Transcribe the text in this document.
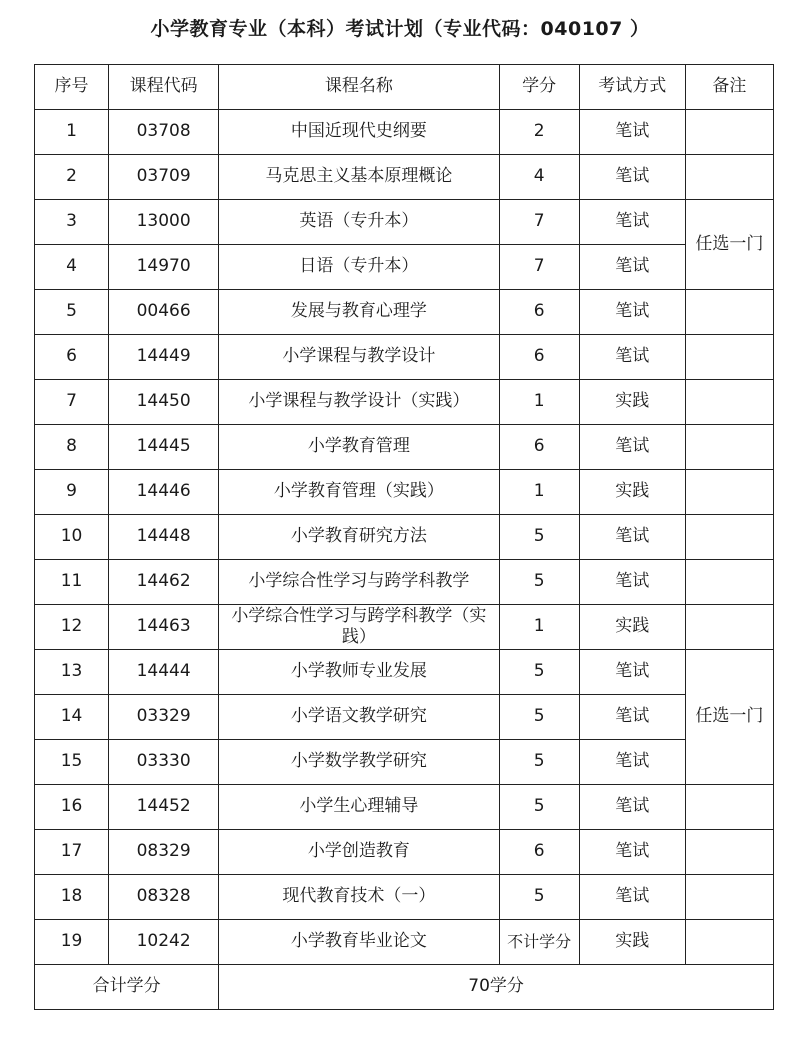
小学教育专业（本科）考试计划（专业代码：040107 ）
序号	课程代码	课程名称	学分	考试方式	备注
1	03708	中国近现代史纲要	2	笔试	
2	03709	马克思主义基本原理概论	4	笔试	
3	13000	英语（专升本）	7	笔试	任选一门
4	14970	日语（专升本）	7	笔试	
5	00466	发展与教育心理学	6	笔试	
6	14449	小学课程与教学设计	6	笔试	
7	14450	小学课程与教学设计（实践）	1	实践	
8	14445	小学教育管理	6	笔试	
9	14446	小学教育管理（实践）	1	实践	
10	14448	小学教育研究方法	5	笔试	
11	14462	小学综合性学习与跨学科教学	5	笔试	
12	14463	小学综合性学习与跨学科教学（实践）	1	实践	
13	14444	小学教师专业发展	5	笔试	任选一门
14	03329	小学语文教学研究	5	笔试	
15	03330	小学数学教学研究	5	笔试	
16	14452	小学生心理辅导	5	笔试	
17	08329	小学创造教育	6	笔试	
18	08328	现代教育技术（一）	5	笔试	
19	10242	小学教育毕业论文	不计学分	实践	
合计学分		70学分			
